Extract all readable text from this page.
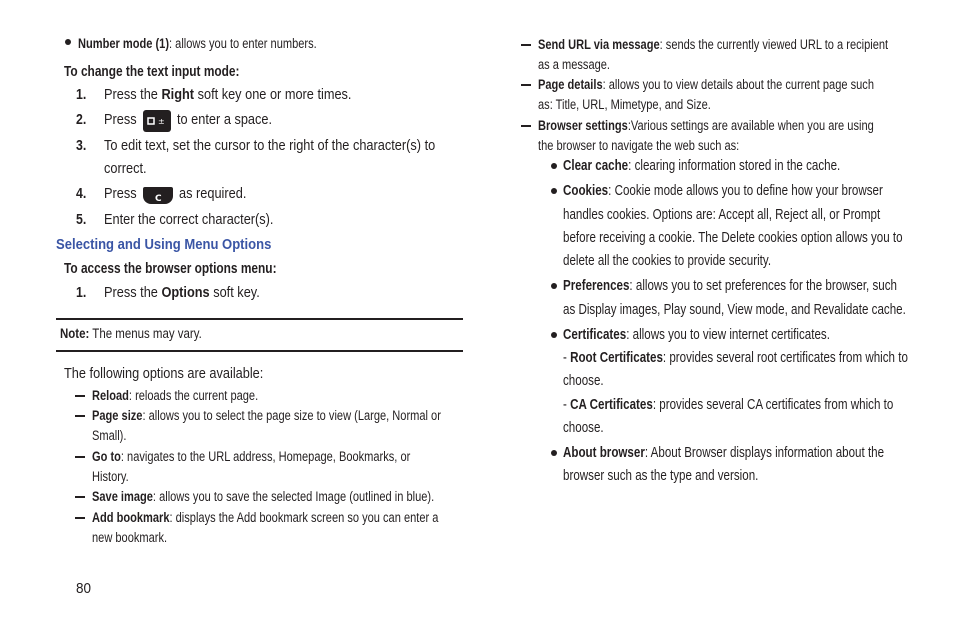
Number mode (1): allows you to enter numbers.
To change the text input mode:
1. Press the Right soft key one or more times.
2. Press	± to enter a space.
3. To edit text, set the cursor to the right of the character(s) to
correct.
4. Press	C as required.
5. Enter the correct character(s).
Selecting and Using Menu Options
To access the browser options menu:
1. Press the Options soft key.
Note: The menus may vary.
The following options are available:
Reload: reloads the current page.
Page size: allows you to select the page size to view (Large, Normal or
Small).
Go to: navigates to the URL address, Homepage, Bookmarks, or
History.
Save image: allows you to save the selected Image (outlined in blue).
Add bookmark: displays the Add bookmark screen so you can enter a
new bookmark.
80
Send URL via message: sends the currently viewed URL to a recipient
as a message.
Page details: allows you to view details about the current page such
as: Title, URL, Mimetype, and Size.
Browser settings:Various settings are available when you are using
the browser to navigate the web such as:
Clear cache: clearing information stored in the cache.
Cookies: Cookie mode allows you to define how your browser
handles cookies. Options are: Accept all, Reject all, or Prompt
before receiving a cookie. The Delete cookies option allows you to
delete all the cookies to provide security.
Preferences: allows you to set preferences for the browser, such
as Display images, Play sound, View mode, and Revalidate cache.
Certificates: allows you to view internet certificates.
- Root Certificates: provides several root certificates from which to
choose.
- CA Certificates: provides several CA certificates from which to
choose.
About browser: About Browser displays information about the
browser such as the type and version.
